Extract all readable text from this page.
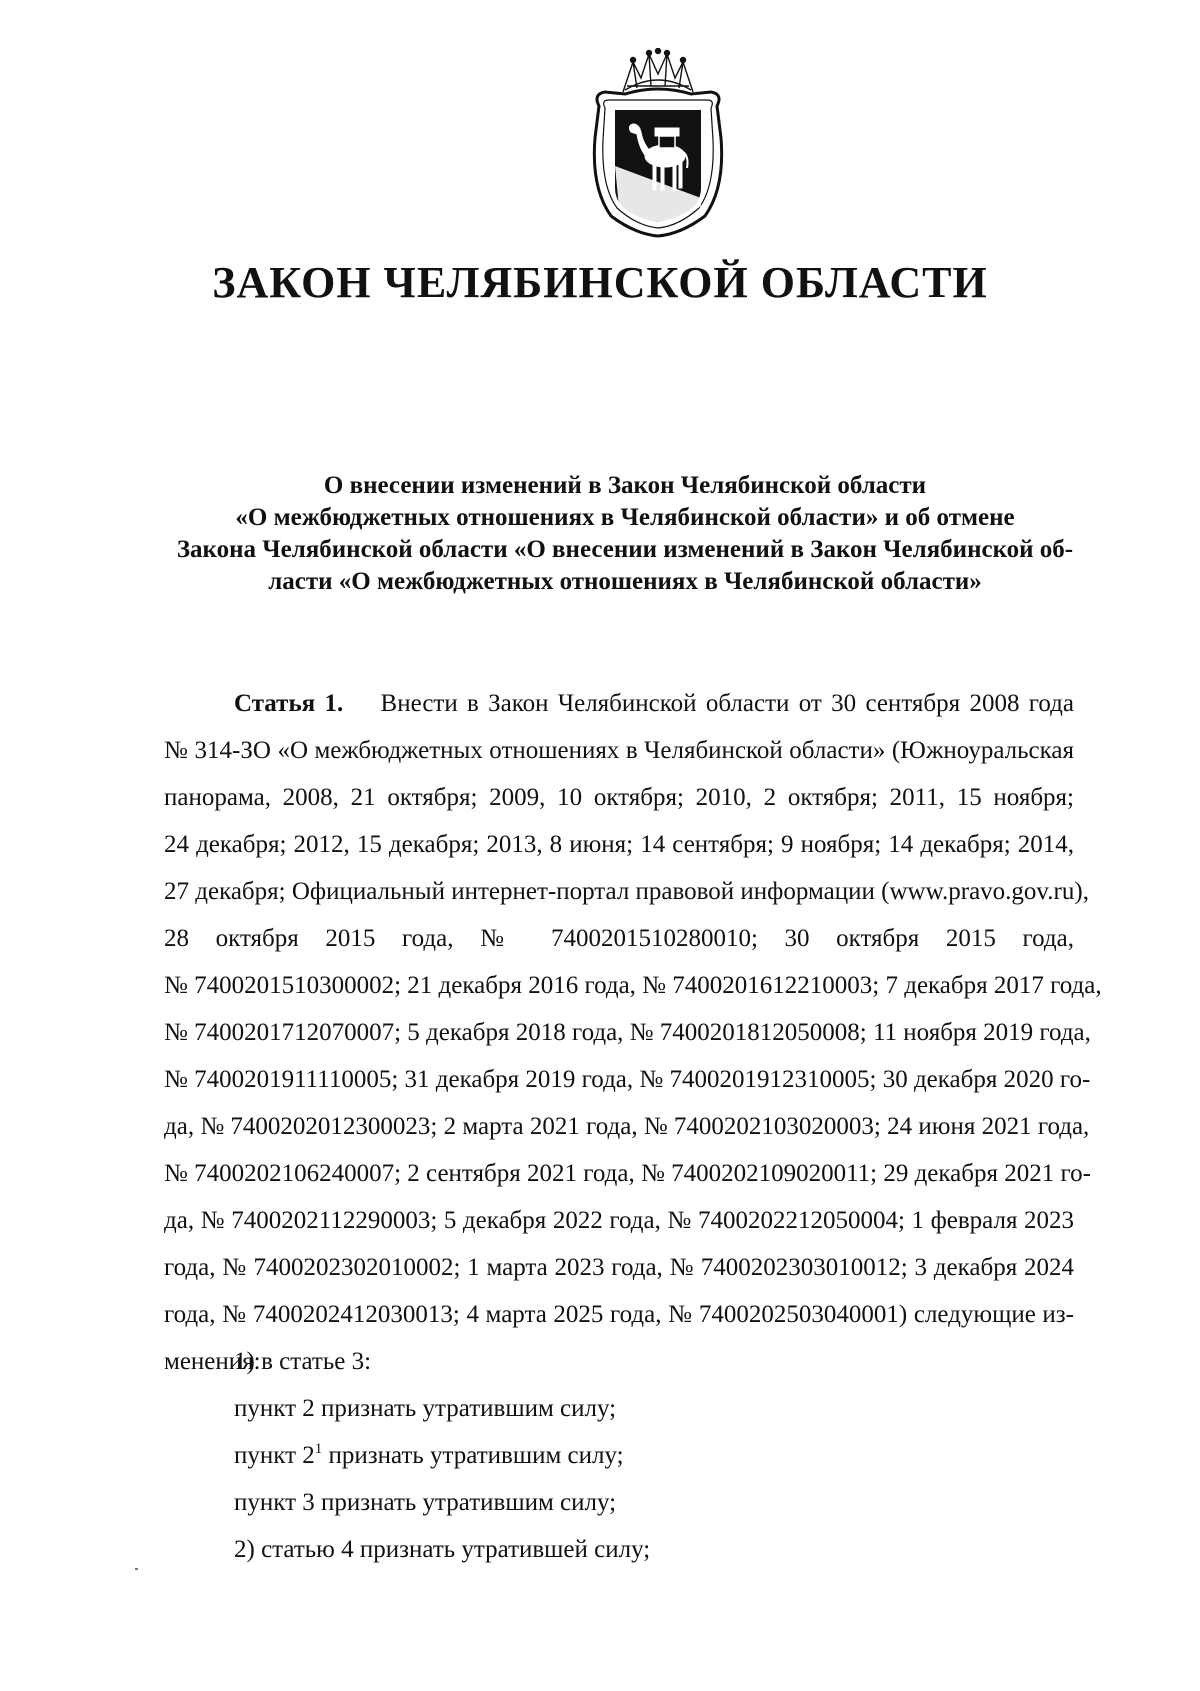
ЗАКОН ЧЕЛЯБИНСКОЙ ОБЛАСТИ
О внесении изменений в Закон Челябинской области
«О межбюджетных отношениях в Челябинской области» и об отмене
Закона Челябинской области «О внесении изменений в Закон Челябинской об-
ласти «О межбюджетных отношениях в Челябинской области»
Статья 1. Внести в Закон Челябинской области от 30 сентября 2008 года
№ 314-ЗО «О межбюджетных отношениях в Челябинской области» (Южноуральская
панорама, 2008, 21 октября; 2009, 10 октября; 2010, 2 октября; 2011, 15 ноября;
24 декабря; 2012, 15 декабря; 2013, 8 июня; 14 сентября; 9 ноября; 14 декабря; 2014,
27 декабря; Официальный интернет-портал правовой информации (www.pravo.gov.ru),
28 октября 2015 года, № 7400201510280010; 30 октября 2015 года,
№ 7400201510300002; 21 декабря 2016 года, № 7400201612210003; 7 декабря 2017 года,
№ 7400201712070007; 5 декабря 2018 года, № 7400201812050008; 11 ноября 2019 года,
№ 7400201911110005; 31 декабря 2019 года, № 7400201912310005; 30 декабря 2020 го-
да, № 7400202012300023; 2 марта 2021 года, № 7400202103020003; 24 июня 2021 года,
№ 7400202106240007; 2 сентября 2021 года, № 7400202109020011; 29 декабря 2021 го-
да, № 7400202112290003; 5 декабря 2022 года, № 7400202212050004; 1 февраля 2023
года, № 7400202302010002; 1 марта 2023 года, № 7400202303010012; 3 декабря 2024
года, № 7400202412030013; 4 марта 2025 года, № 7400202503040001) следующие из-
менения:
1) в статье 3:
пункт 2 признать утратившим силу;
пункт $2^1$ признать утратившим силу;
пункт 3 признать утратившим силу;
2) статью 4 признать утратившей силу;
